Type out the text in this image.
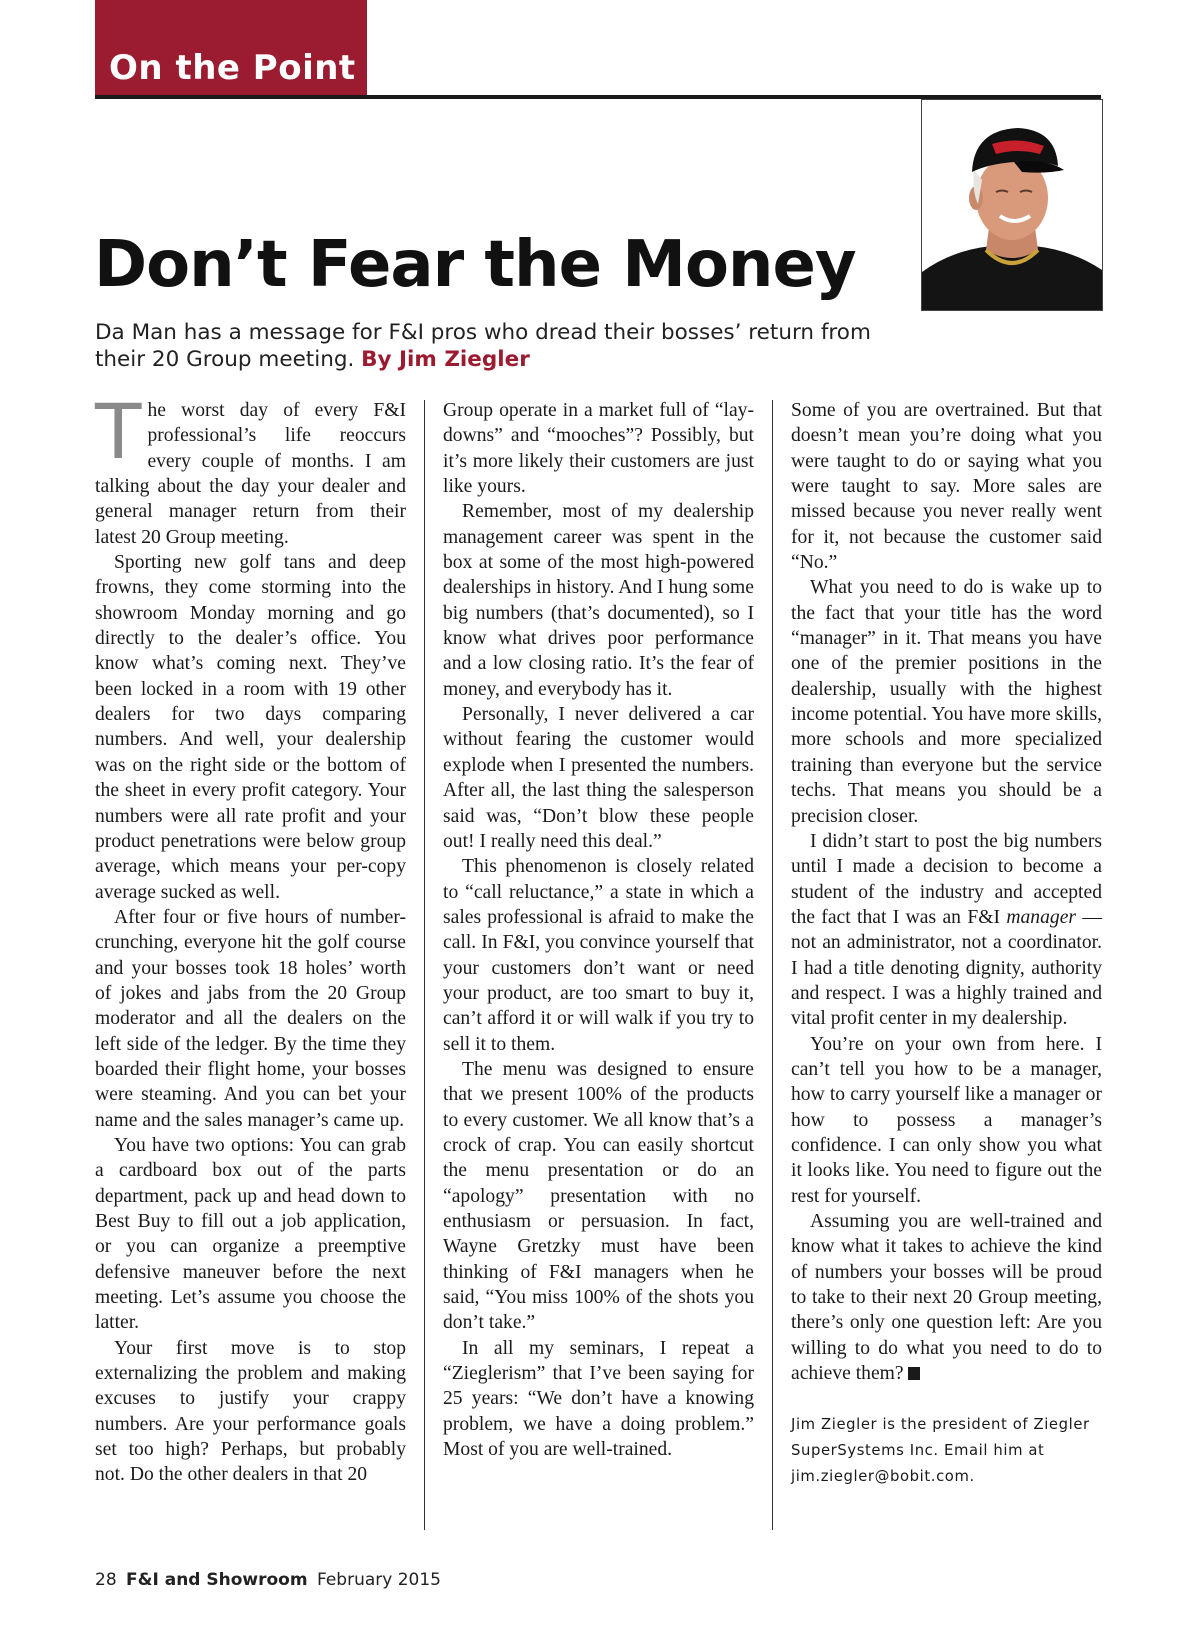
On the Point
Don’t Fear the Money

Da Man has a message for F&I pros who dread their bosses’ return from their 20 Group meeting. By Jim Ziegler

The worst day of every F&I professional’s life reoccurs every couple of months. I am talking about the day your dealer and general manager return from their latest 20 Group meeting.

Sporting new golf tans and deep frowns, they come storming into the showroom Monday morning and go directly to the dealer’s office. You know what’s coming next. They’ve been locked in a room with 19 other dealers for two days comparing numbers. And well, your dealership was on the right side or the bottom of the sheet in every profit category. Your numbers were all rate profit and your product penetrations were below group average, which means your per-copy average sucked as well.

After four or five hours of number-crunching, everyone hit the golf course and your bosses took 18 holes’ worth of jokes and jabs from the 20 Group moderator and all the dealers on the left side of the ledger. By the time they boarded their flight home, your bosses were steaming. And you can bet your name and the sales manager’s came up.

You have two options: You can grab a cardboard box out of the parts department, pack up and head down to Best Buy to fill out a job application, or you can organize a preemptive defensive maneuver before the next meeting. Let’s assume you choose the latter.

Your first move is to stop externalizing the problem and making excuses to justify your crappy numbers. Are your performance goals set too high? Perhaps, but probably not. Do the other dealers in that 20

Group operate in a market full of “lay-downs” and “mooches”? Possibly, but it’s more likely their customers are just like yours.

Remember, most of my dealership management career was spent in the box at some of the most high-powered dealerships in history. And I hung some big numbers (that’s documented), so I know what drives poor performance and a low closing ratio. It’s the fear of money, and everybody has it.

Personally, I never delivered a car without fearing the customer would explode when I presented the numbers. After all, the last thing the salesperson said was, “Don’t blow these people out! I really need this deal.”

This phenomenon is closely related to “call reluctance,” a state in which a sales professional is afraid to make the call. In F&I, you convince yourself that your customers don’t want or need your product, are too smart to buy it, can’t afford it or will walk if you try to sell it to them.

The menu was designed to ensure that we present 100% of the products to every customer. We all know that’s a crock of crap. You can easily shortcut the menu presentation or do an “apology” presentation with no enthusiasm or persuasion. In fact, Wayne Gretzky must have been thinking of F&I managers when he said, “You miss 100% of the shots you don’t take.”

In all my seminars, I repeat a “Zieglerism” that I’ve been saying for 25 years: “We don’t have a knowing problem, we have a doing problem.” Most of you are well-trained.

Some of you are overtrained. But that doesn’t mean you’re doing what you were taught to do or saying what you were taught to say. More sales are missed because you never really went for it, not because the customer said “No.”

What you need to do is wake up to the fact that your title has the word “manager” in it. That means you have one of the premier positions in the dealership, usually with the highest income potential. You have more skills, more schools and more specialized training than everyone but the service techs. That means you should be a precision closer.

I didn’t start to post the big numbers until I made a decision to become a student of the industry and accepted the fact that I was an F&I manager — not an administrator, not a coordinator. I had a title denoting dignity, authority and respect. I was a highly trained and vital profit center in my dealership.

You’re on your own from here. I can’t tell you how to be a manager, how to carry yourself like a manager or how to possess a manager’s confidence. I can only show you what it looks like. You need to figure out the rest for yourself.

Assuming you are well-trained and know what it takes to achieve the kind of numbers your bosses will be proud to take to their next 20 Group meeting, there’s only one question left: Are you willing to do what you need to do to achieve them?

Jim Ziegler is the president of Ziegler SuperSystems Inc. Email him at jim.ziegler@bobit.com.

28 F&I and Showroom February 2015
